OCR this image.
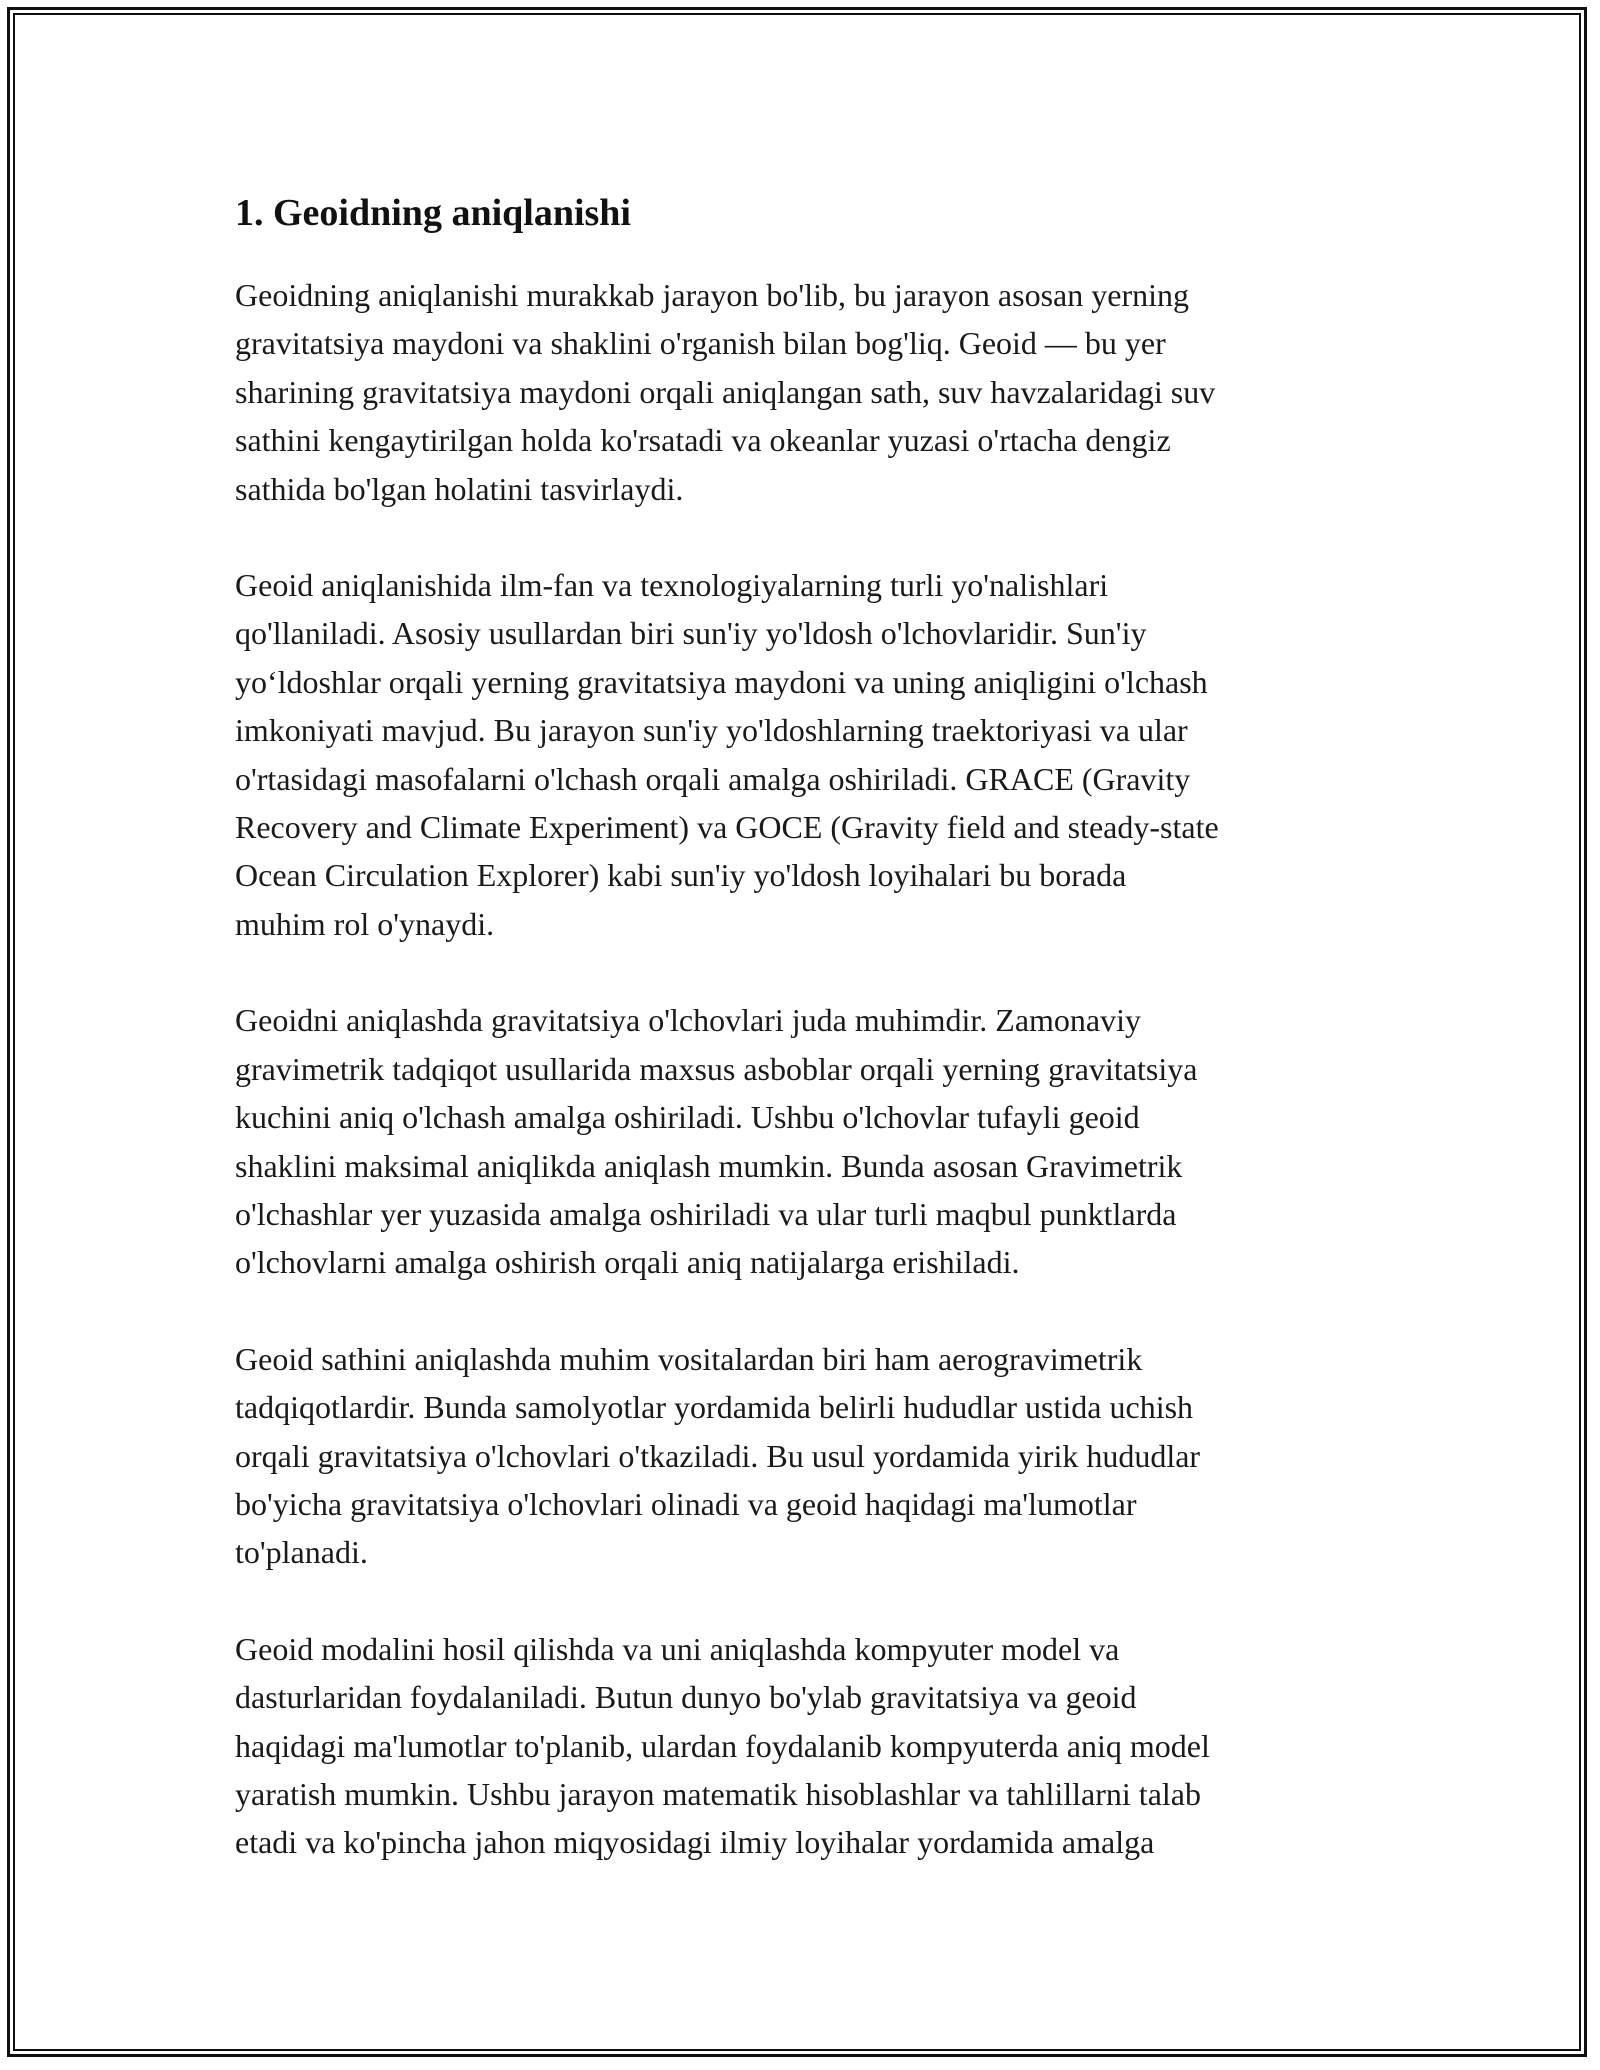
1. Geoidning aniqlanishi

Geoidning aniqlanishi murakkab jarayon bo'lib, bu jarayon asosan yerning
gravitatsiya maydoni va shaklini o'rganish bilan bog'liq. Geoid — bu yer
sharining gravitatsiya maydoni orqali aniqlangan sath, suv havzalaridagi suv
sathini kengaytirilgan holda ko'rsatadi va okeanlar yuzasi o'rtacha dengiz
sathida bo'lgan holatini tasvirlaydi.

Geoid aniqlanishida ilm-fan va texnologiyalarning turli yo'nalishlari
qo'llaniladi. Asosiy usullardan biri sun'iy yo'ldosh o'lchovlaridir. Sun'iy
yo‘ldoshlar orqali yerning gravitatsiya maydoni va uning aniqligini o'lchash
imkoniyati mavjud. Bu jarayon sun'iy yo'ldoshlarning traektoriyasi va ular
o'rtasidagi masofalarni o'lchash orqali amalga oshiriladi. GRACE (Gravity
Recovery and Climate Experiment) va GOCE (Gravity field and steady-state
Ocean Circulation Explorer) kabi sun'iy yo'ldosh loyihalari bu borada
muhim rol o'ynaydi.

Geoidni aniqlashda gravitatsiya o'lchovlari juda muhimdir. Zamonaviy
gravimetrik tadqiqot usullarida maxsus asboblar orqali yerning gravitatsiya
kuchini aniq o'lchash amalga oshiriladi. Ushbu o'lchovlar tufayli geoid
shaklini maksimal aniqlikda aniqlash mumkin. Bunda asosan Gravimetrik
o'lchashlar yer yuzasida amalga oshiriladi va ular turli maqbul punktlarda
o'lchovlarni amalga oshirish orqali aniq natijalarga erishiladi.

Geoid sathini aniqlashda muhim vositalardan biri ham aerogravimetrik
tadqiqotlardir. Bunda samolyotlar yordamida belirli hududlar ustida uchish
orqali gravitatsiya o'lchovlari o'tkaziladi. Bu usul yordamida yirik hududlar
bo'yicha gravitatsiya o'lchovlari olinadi va geoid haqidagi ma'lumotlar
to'planadi.

Geoid modalini hosil qilishda va uni aniqlashda kompyuter model va
dasturlaridan foydalaniladi. Butun dunyo bo'ylab gravitatsiya va geoid
haqidagi ma'lumotlar to'planib, ulardan foydalanib kompyuterda aniq model
yaratish mumkin. Ushbu jarayon matematik hisoblashlar va tahlillarni talab
etadi va ko'pincha jahon miqyosidagi ilmiy loyihalar yordamida amalga
